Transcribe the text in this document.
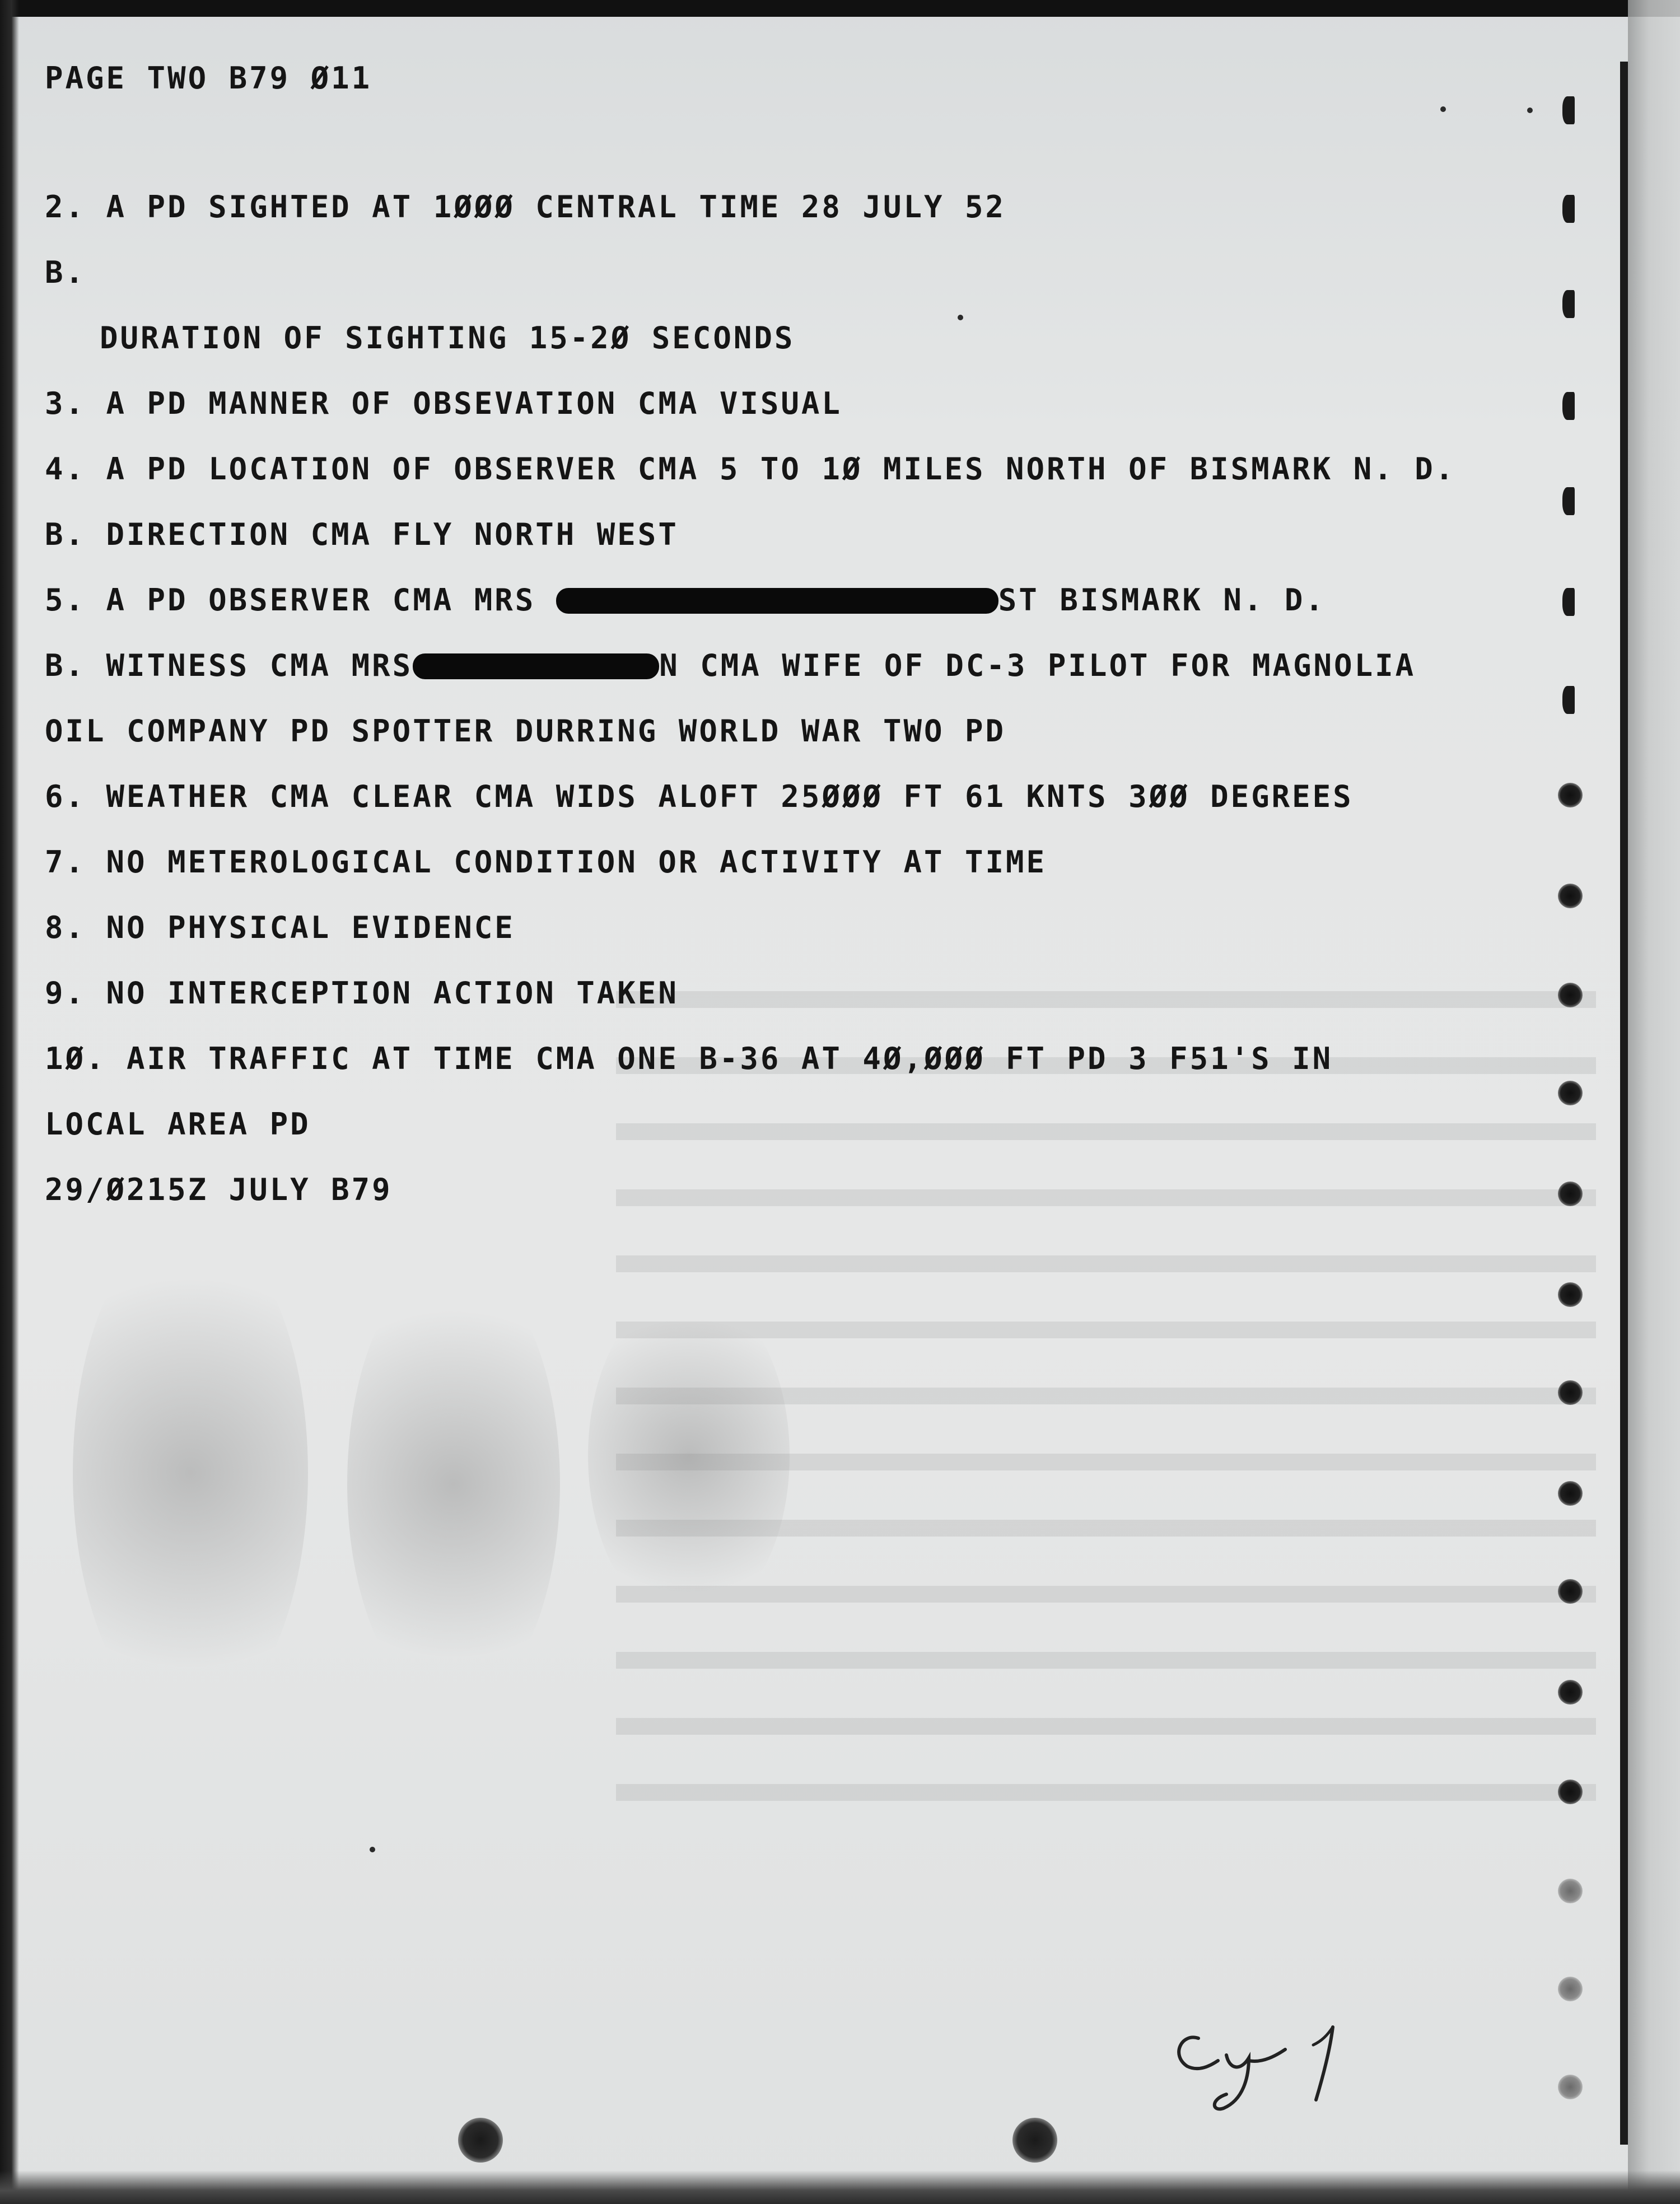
PAGE TWO B79 Ø11

2. A PD SIGHTED AT 1ØØØ CENTRAL TIME 28 JULY 52

B.

DURATION OF SIGHTING 15-2Ø SECONDS

3. A PD MANNER OF OBSEVATION CMA VISUAL

4. A PD LOCATION OF OBSERVER CMA 5 TO 1Ø MILES NORTH OF BISMARK N. D.

B. DIRECTION CMA FLY NORTH WEST

5. A PD OBSERVER CMA MRS	ST BISMARK N. D.

B. WITNESS CMA MRS	N CMA WIFE OF DC-3 PILOT FOR MAGNOLIA

OIL COMPANY PD SPOTTER DURRING WORLD WAR TWO PD

6. WEATHER CMA CLEAR CMA WIDS ALOFT 25ØØØ FT 61 KNTS 3ØØ DEGREES

7. NO METEROLOGICAL CONDITION OR ACTIVITY AT TIME

8. NO PHYSICAL EVIDENCE

9. NO INTERCEPTION ACTION TAKEN

1Ø. AIR TRAFFIC AT TIME CMA ONE B-36 AT 4Ø,ØØØ FT PD 3 F51'S IN

LOCAL AREA PD

29/Ø215Z JULY B79
